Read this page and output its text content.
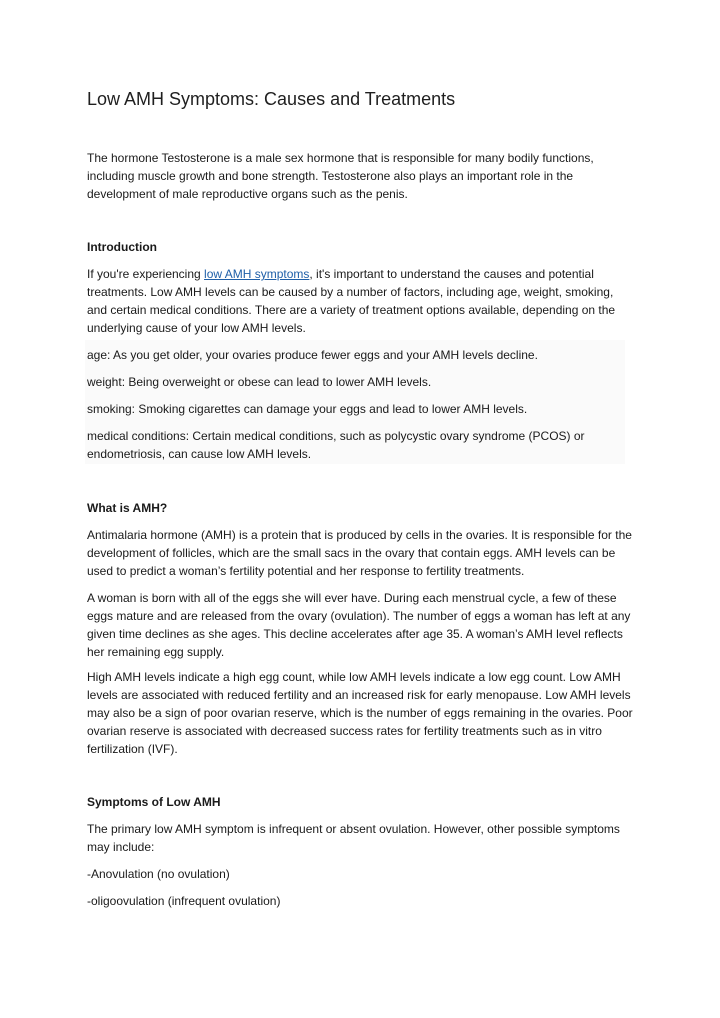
Low AMH Symptoms: Causes and Treatments

The hormone Testosterone is a male sex hormone that is responsible for many bodily functions, including muscle growth and bone strength. Testosterone also plays an important role in the development of male reproductive organs such as the penis.

Introduction

If you're experiencing low AMH symptoms, it's important to understand the causes and potential treatments. Low AMH levels can be caused by a number of factors, including age, weight, smoking, and certain medical conditions. There are a variety of treatment options available, depending on the underlying cause of your low AMH levels.

age: As you get older, your ovaries produce fewer eggs and your AMH levels decline.

weight: Being overweight or obese can lead to lower AMH levels.

smoking: Smoking cigarettes can damage your eggs and lead to lower AMH levels.

medical conditions: Certain medical conditions, such as polycystic ovary syndrome (PCOS) or endometriosis, can cause low AMH levels.

What is AMH?

Antimalaria hormone (AMH) is a protein that is produced by cells in the ovaries. It is responsible for the development of follicles, which are the small sacs in the ovary that contain eggs. AMH levels can be used to predict a woman’s fertility potential and her response to fertility treatments.

A woman is born with all of the eggs she will ever have. During each menstrual cycle, a few of these eggs mature and are released from the ovary (ovulation). The number of eggs a woman has left at any given time declines as she ages. This decline accelerates after age 35. A woman’s AMH level reflects her remaining egg supply.

High AMH levels indicate a high egg count, while low AMH levels indicate a low egg count. Low AMH levels are associated with reduced fertility and an increased risk for early menopause. Low AMH levels may also be a sign of poor ovarian reserve, which is the number of eggs remaining in the ovaries. Poor ovarian reserve is associated with decreased success rates for fertility treatments such as in vitro fertilization (IVF).

Symptoms of Low AMH

The primary low AMH symptom is infrequent or absent ovulation. However, other possible symptoms may include:

-Anovulation (no ovulation)

-oligoovulation (infrequent ovulation)
